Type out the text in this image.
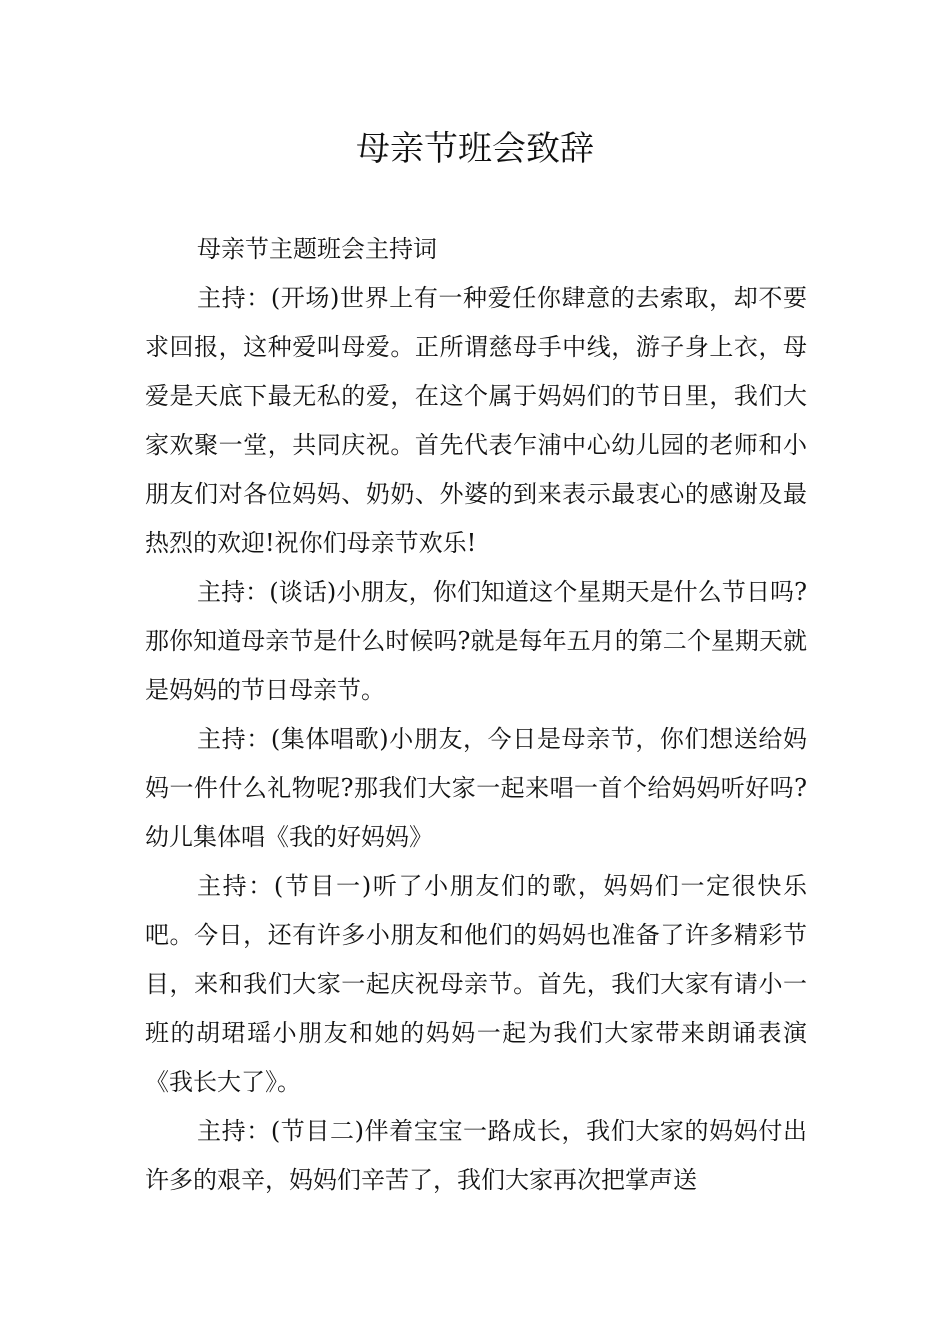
母亲节班会致辞

母亲节主题班会主持词

主持：(开场)世界上有一种爱任你肆意的去索取，却不要求回报，这种爱叫母爱。正所谓慈母手中线，游子身上衣，母爱是天底下最无私的爱，在这个属于妈妈们的节日里，我们大家欢聚一堂，共同庆祝。首先代表乍浦中心幼儿园的老师和小朋友们对各位妈妈、奶奶、外婆的到来表示最衷心的感谢及最热烈的欢迎!祝你们母亲节欢乐!

主持：(谈话)小朋友，你们知道这个星期天是什么节日吗?那你知道母亲节是什么时候吗?就是每年五月的第二个星期天就是妈妈的节日母亲节。

主持：(集体唱歌)小朋友，今日是母亲节，你们想送给妈妈一件什么礼物呢?那我们大家一起来唱一首个给妈妈听好吗?幼儿集体唱《我的好妈妈》

主持：(节目一)听了小朋友们的歌，妈妈们一定很快乐吧。今日，还有许多小朋友和他们的妈妈也准备了许多精彩节目，来和我们大家一起庆祝母亲节。首先，我们大家有请小一班的胡珺瑶小朋友和她的妈妈一起为我们大家带来朗诵表演《我长大了》。

主持：(节目二)伴着宝宝一路成长，我们大家的妈妈付出许多的艰辛，妈妈们辛苦了，我们大家再次把掌声送
